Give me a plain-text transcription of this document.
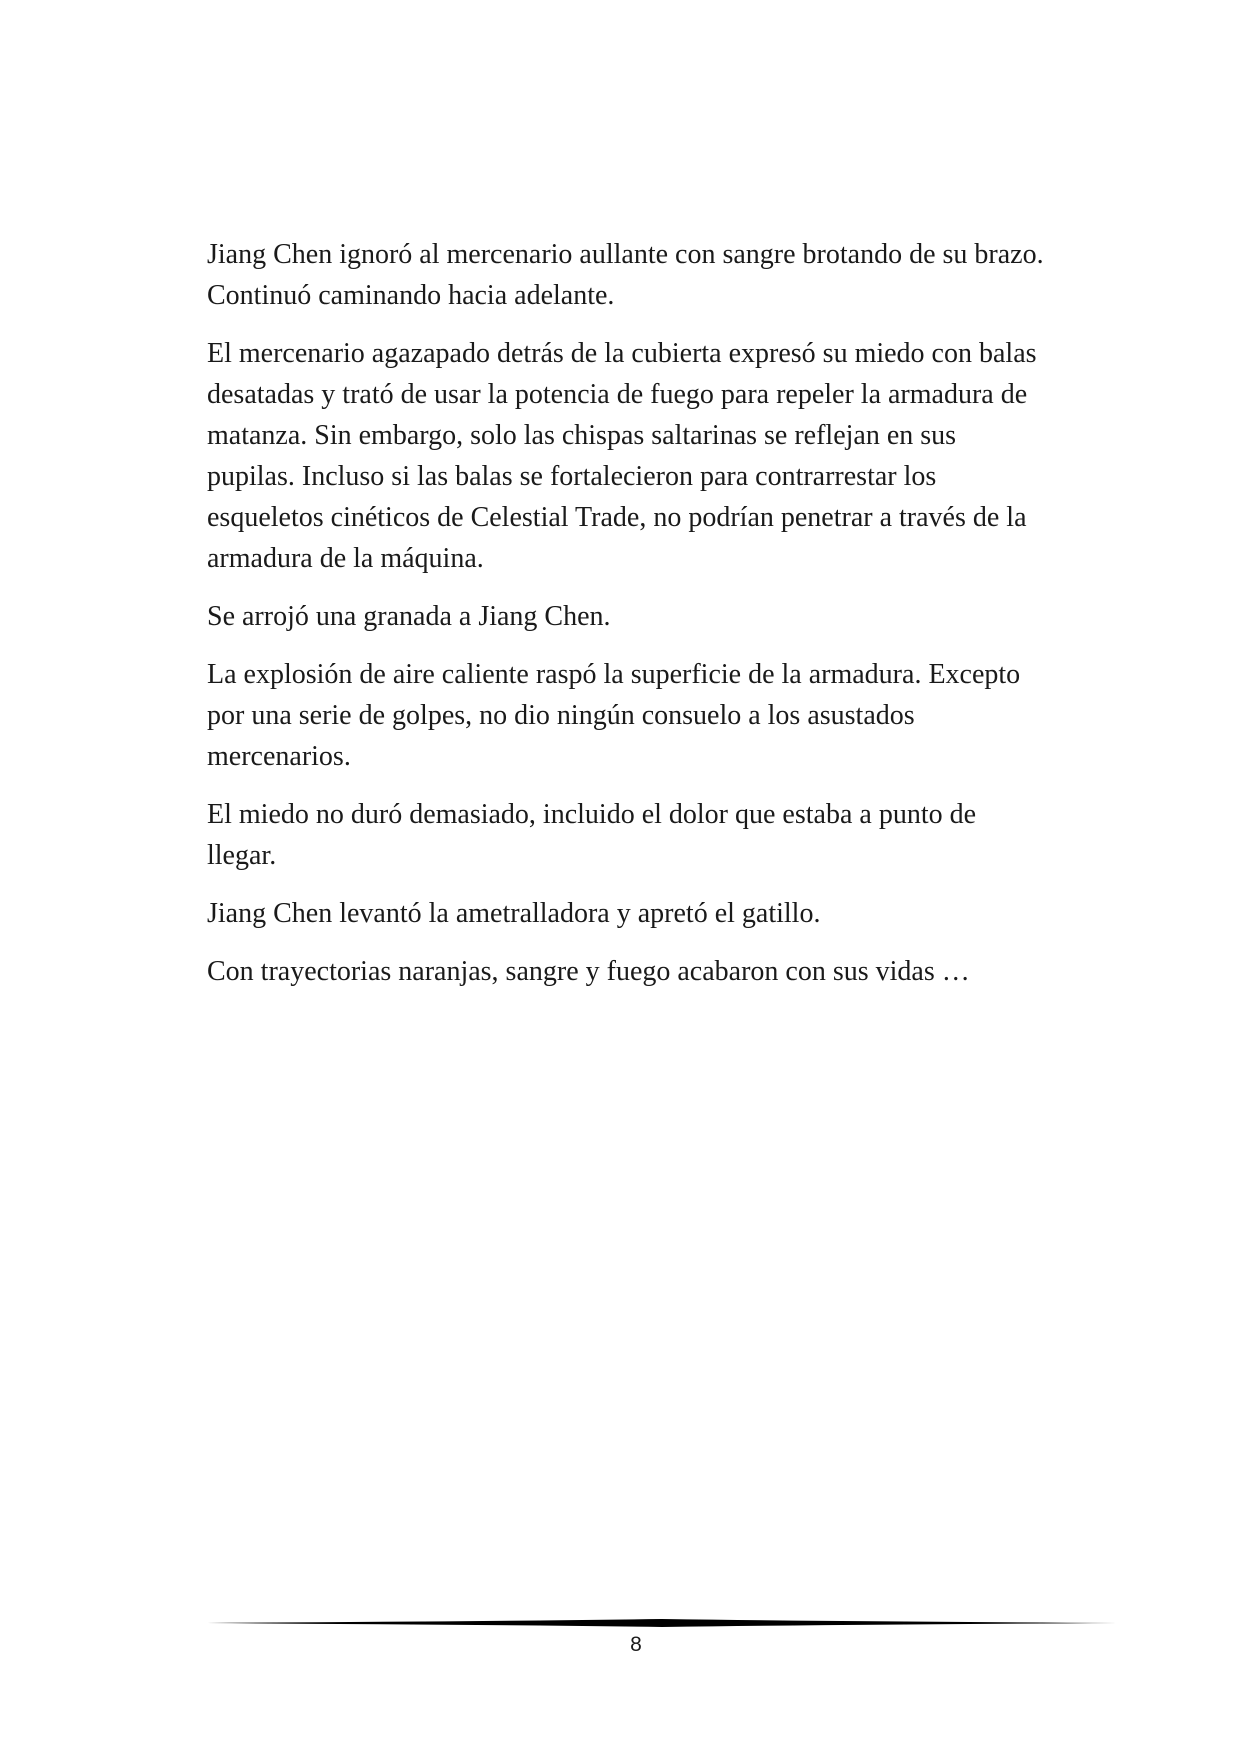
Jiang Chen ignoró al mercenario aullante con sangre brotando de su brazo. Continuó caminando hacia adelante.

El mercenario agazapado detrás de la cubierta expresó su miedo con balas desatadas y trató de usar la potencia de fuego para repeler la armadura de matanza. Sin embargo, solo las chispas saltarinas se reflejan en sus pupilas. Incluso si las balas se fortalecieron para contrarrestar los esqueletos cinéticos de Celestial Trade, no podrían penetrar a través de la armadura de la máquina.

Se arrojó una granada a Jiang Chen.

La explosión de aire caliente raspó la superficie de la armadura. Excepto por una serie de golpes, no dio ningún consuelo a los asustados mercenarios.

El miedo no duró demasiado, incluido el dolor que estaba a punto de llegar.

Jiang Chen levantó la ametralladora y apretó el gatillo.

Con trayectorias naranjas, sangre y fuego acabaron con sus vidas …

8
